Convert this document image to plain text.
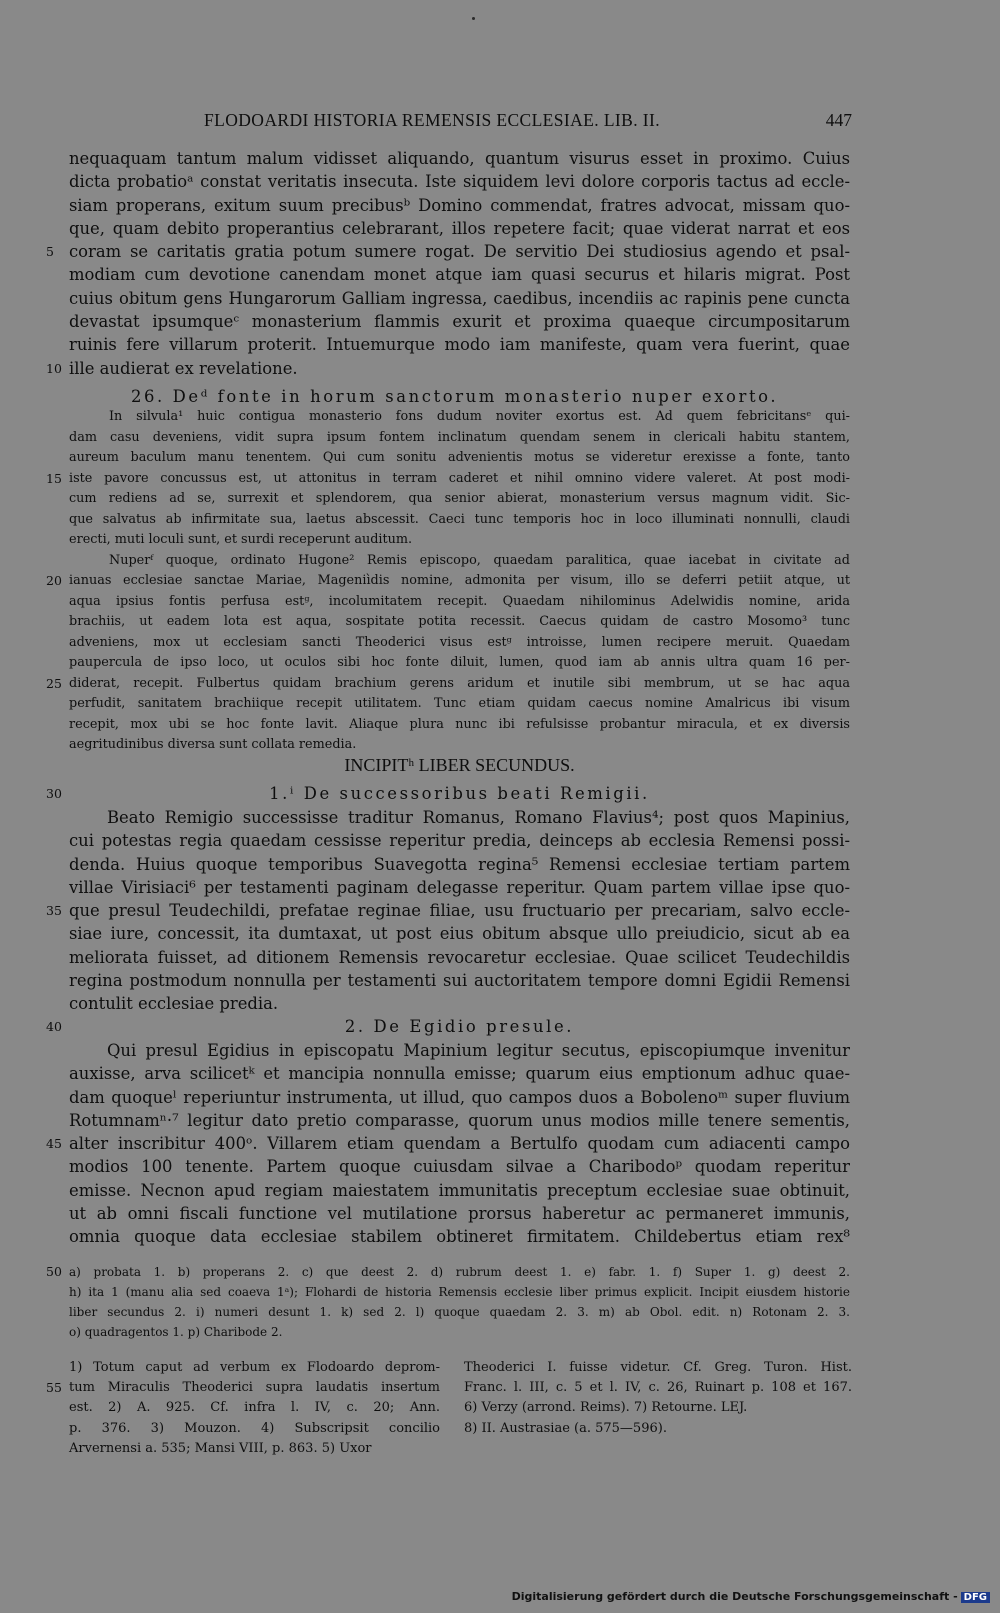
FLODOARDI HISTORIA REMENSIS ECCLESIAE. LIB. II.	447
nequaquam tantum malum vidisset aliquando, quantum visurus esset in proximo. Cuius
dicta probatioᵃ constat veritatis insecuta. Iste siquidem levi dolore corporis tactus ad eccle-
siam properans, exitum suum precibusᵇ Domino commendat, fratres advocat, missam quo-
que, quam debito properantius celebrarant, illos repetere facit; quae viderat narrat et eos
5 coram se caritatis gratia potum sumere rogat. De servitio Dei studiosius agendo et psal-
modiam cum devotione canendam monet atque iam quasi securus et hilaris migrat. Post
cuius obitum gens Hungarorum Galliam ingressa, caedibus, incendiis ac rapinis pene cuncta
devastat ipsumqueᶜ monasterium flammis exurit et proxima quaeque circumpositarum
ruinis fere villarum proterit. Intuemurque modo iam manifeste, quam vera fuerint, quae
10 ille audierat ex revelatione.
26. Deᵈ fonte in horum sanctorum monasterio nuper exorto.
In silvula¹ huic contigua monasterio fons dudum noviter exortus est. Ad quem febricitansᵉ qui-
dam casu deveniens, vidit supra ipsum fontem inclinatum quendam senem in clericali habitu stantem,
aureum baculum manu tenentem. Qui cum sonitu advenientis motus se videretur erexisse a fonte, tanto
15 iste pavore concussus est, ut attonitus in terram caderet et nihil omnino videre valeret. At post modi-
cum rediens ad se, surrexit et splendorem, qua senior abierat, monasterium versus magnum vidit. Sic-
que salvatus ab infirmitate sua, laetus abscessit. Caeci tunc temporis hoc in loco illuminati nonnulli, claudi
erecti, muti loculi sunt, et surdi receperunt auditum.
Nuperᶠ quoque, ordinato Hugone² Remis episcopo, quaedam paralitica, quae iacebat in civitate ad
20 ianuas ecclesiae sanctae Mariae, Mageniìdis nomine, admonita per visum, illo se deferri petiit atque, ut
aqua ipsius fontis perfusa estᵍ, incolumitatem recepit. Quaedam nihilominus Adelwidis nomine, arida
brachiis, ut eadem lota est aqua, sospitate potita recessit. Caecus quidam de castro Mosomo³ tunc
adveniens, mox ut ecclesiam sancti Theoderici visus estᵍ introisse, lumen recipere meruit. Quaedam
paupercula de ipso loco, ut oculos sibi hoc fonte diluit, lumen, quod iam ab annis ultra quam 16 per-
25 diderat, recepit. Fulbertus quidam brachium gerens aridum et inutile sibi membrum, ut se hac aqua
perfudit, sanitatem brachiique recepit utilitatem. Tunc etiam quidam caecus nomine Amalricus ibi visum
recepit, mox ubi se hoc fonte lavit. Aliaque plura nunc ibi refulsisse probantur miracula, et ex diversis
aegritudinibus diversa sunt collata remedia.
INCIPITʰ LIBER SECUNDUS.
30	1.ⁱ De successoribus beati Remigii.
Beato Remigio successisse traditur Romanus, Romano Flavius⁴; post quos Mapinius,
cui potestas regia quaedam cessisse reperitur predia, deinceps ab ecclesia Remensi possi-
denda. Huius quoque temporibus Suavegotta regina⁵ Remensi ecclesiae tertiam partem
villae Virisiaci⁶ per testamenti paginam delegasse reperitur. Quam partem villae ipse quo-
35 que presul Teudechildi, prefatae reginae filiae, usu fructuario per precariam, salvo eccle-
siae iure, concessit, ita dumtaxat, ut post eius obitum absque ullo preiudicio, sicut ab ea
meliorata fuisset, ad ditionem Remensis revocaretur ecclesiae. Quae scilicet Teudechildis
regina postmodum nonnulla per testamenti sui auctoritatem tempore domni Egidii Remensi
contulit ecclesiae predia.
40	2. De Egidio presule.
Qui presul Egidius in episcopatu Mapinium legitur secutus, episcopiumque invenitur
auxisse, arva scilicetᵏ et mancipia nonnulla emisse; quarum eius emptionum adhuc quae-
dam quoqueˡ reperiuntur instrumenta, ut illud, quo campos duos a Bobolenoᵐ super fluvium
Rotumnamⁿ·⁷ legitur dato pretio comparasse, quorum unus modios mille tenere sementis,
45 alter inscribitur 400ᵒ. Villarem etiam quendam a Bertulfo quodam cum adiacenti campo
modios 100 tenente. Partem quoque cuiusdam silvae a Charibodoᵖ quodam reperitur
emisse. Necnon apud regiam maiestatem immunitatis preceptum ecclesiae suae obtinuit,
ut ab omni fiscali functione vel mutilatione prorsus haberetur ac permaneret immunis,
omnia quoque data ecclesiae stabilem obtineret firmitatem. Childebertus etiam rex⁸
50 a) probata 1. b) properans 2. c) que deest 2. d) rubrum deest 1. e) fabr. 1. f) Super 1. g) deest 2.
h) ita 1 (manu alia sed coaeva 1ᵃ); Flohardi de historia Remensis ecclesie liber primus explicit. Incipit eiusdem historie
liber secundus 2. i) numeri desunt 1. k) sed 2. l) quoque quaedam 2. 3. m) ab Obol. edit. n) Rotonam 2. 3.
o) quadragentos 1. p) Charibode 2.
1) Totum caput ad verbum ex Flodoardo deprom-
55 tum Miraculis Theoderici supra laudatis insertum
est. 2) A. 925. Cf. infra l. IV, c. 20; Ann.
p. 376. 3) Mouzon. 4) Subscripsit concilio
Arvernensi a. 535; Mansi VIII, p. 863. 5) Uxor
Theoderici I. fuisse videtur. Cf. Greg. Turon. Hist.
Franc. l. III, c. 5 et l. IV, c. 26, Ruinart p. 108 et 167.
6) Verzy (arrond. Reims). 7) Retourne. LEJ.
8) II. Austrasiae (a. 575—596).
Digitalisierung gefördert durch die Deutsche Forschungsgemeinschaft - DFG
